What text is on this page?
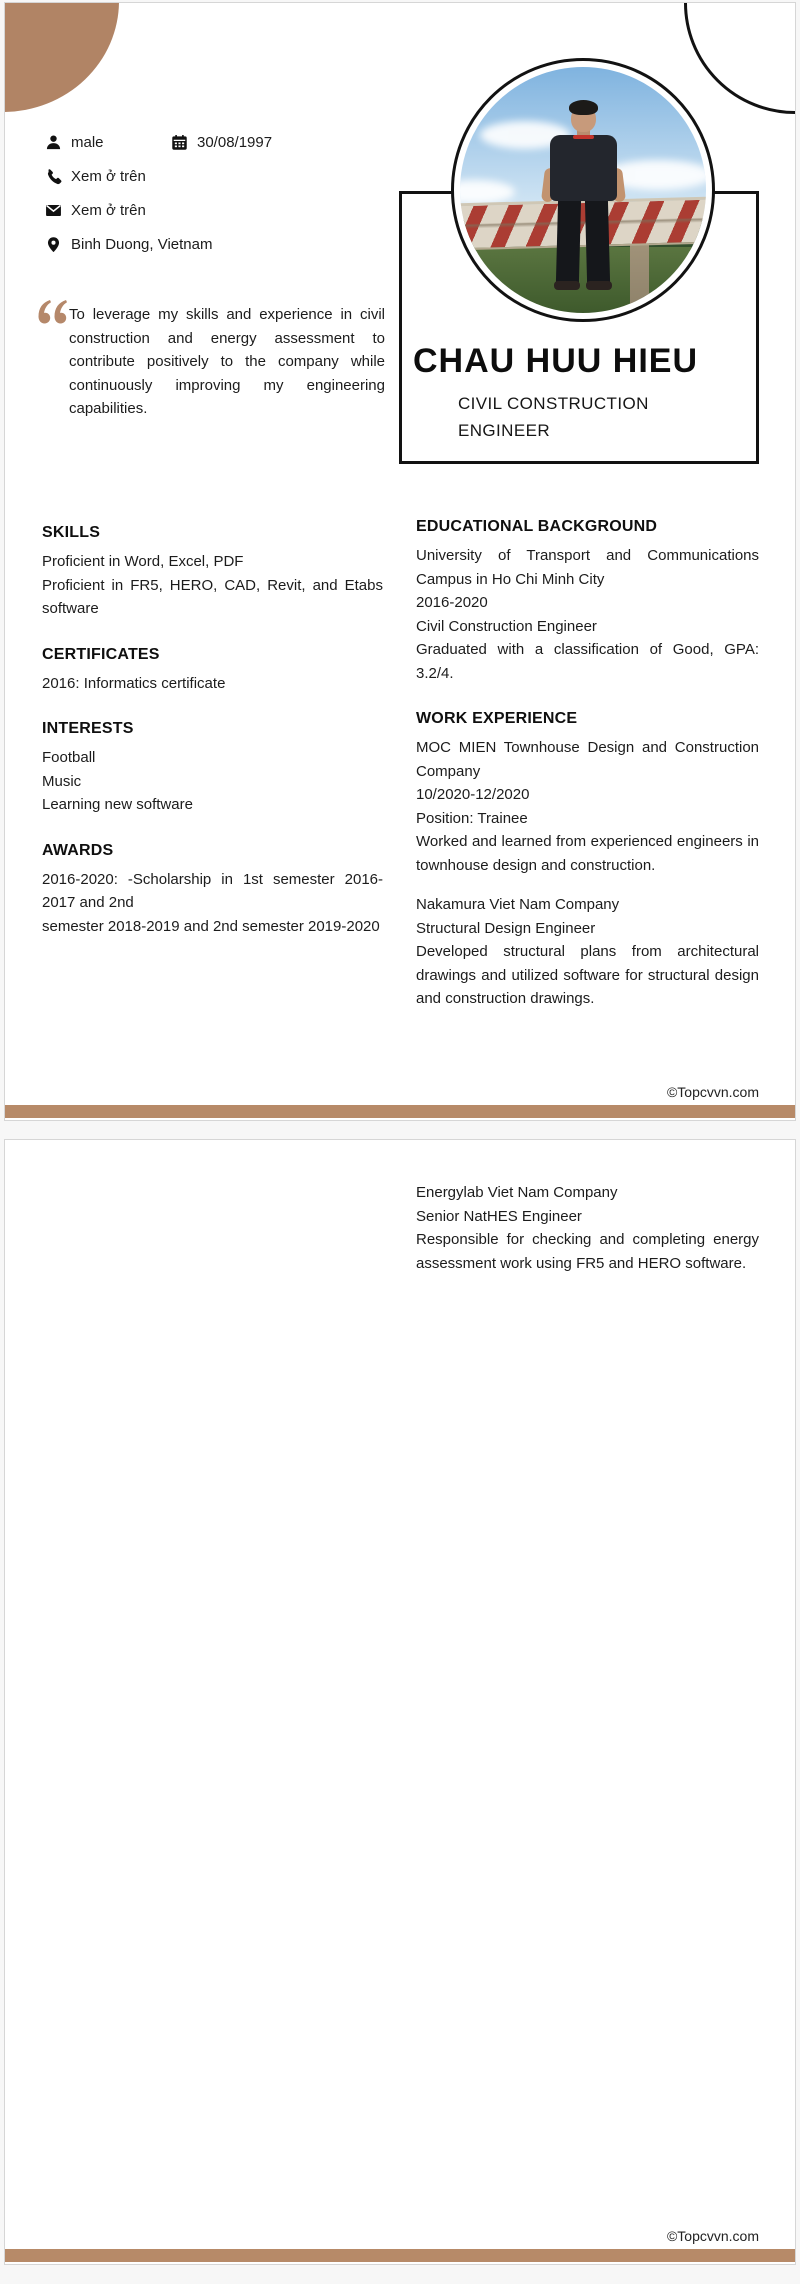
male	30/08/1997
Xem ở trên
Xem ở trên
Binh Duong, Vietnam

To leverage my skills and experience in civil construction and energy assessment to contribute positively to the company while continuously improving my engineering capabilities.

CHAU HUU HIEU
CIVIL CONSTRUCTION ENGINEER
SKILLS

Proficient in Word, Excel, PDF

Proficient in FR5, HERO, CAD, Revit, and Etabs software

CERTIFICATES

2016: Informatics certificate

INTERESTS

Football

Music

Learning new software

AWARDS

2016-2020: -Scholarship in 1st semester 2016-2017 and 2nd

semester 2018-2019 and 2nd semester 2019-2020

EDUCATIONAL BACKGROUND

University of Transport and Communications Campus in Ho Chi Minh City

2016-2020

Civil Construction Engineer

Graduated with a classification of Good, GPA: 3.2/4.

WORK EXPERIENCE

MOC MIEN Townhouse Design and Construction Company

10/2020-12/2020

Position: Trainee

Worked and learned from experienced engineers in townhouse design and construction.

Nakamura Viet Nam Company

Structural Design Engineer

Developed structural plans from architectural drawings and utilized software for structural design and construction drawings.

©Topcvvn.com

Energylab Viet Nam Company

Senior NatHES Engineer

Responsible for checking and completing energy assessment work using FR5 and HERO software.

©Topcvvn.com
